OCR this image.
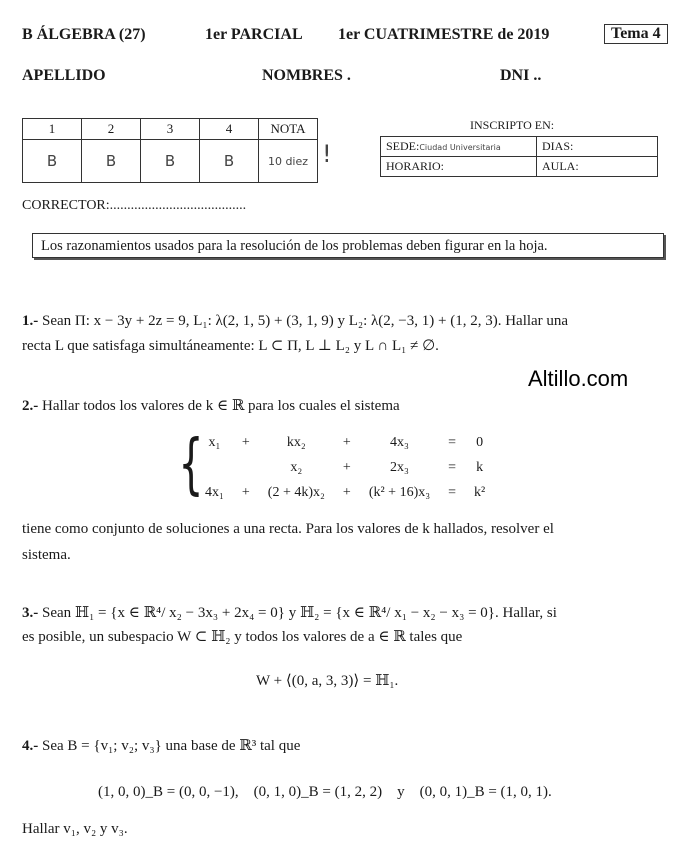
B ÁLGEBRA (27)	1er PARCIAL 1er CUATRIMESTRE de 2019	Tema 4
APELLIDO	NOMBRES .	DNI ..
1	2	3	4	NOTA
B	B	B	B	10 diez !
INSCRIPTO EN:
SEDE:Ciudad Universitaria	DIAS:
HORARIO:	AULA:
CORRECTOR:.......................................
Los razonamientos usados para la resolución de los problemas deben figurar en la hoja.
1.- Sean Π: x − 3y + 2z = 9, L₁: λ(2, 1, 5) + (3, 1, 9) y L₂: λ(2, −3, 1) + (1, 2, 3). Hallar una
recta L que satisfaga simultáneamente: L ⊂ Π, L ⊥ L₂ y L ∩ L₁ ≠ ∅.
Altillo.com
2.- Hallar todos los valores de k ∈ ℝ para los cuales el sistema
{ x₁	+	kx₂	+	4x₃	=	0
		x₂	+	2x₃	=	k
4x₁	+	(2 + 4k)x₂	+	(k² + 16)x₃	=	k²
tiene como conjunto de soluciones a una recta. Para los valores de k hallados, resolver el
sistema.
3.- Sean ℍ₁ = {x ∈ ℝ⁴/ x₂ − 3x₃ + 2x₄ = 0} y ℍ₂ = {x ∈ ℝ⁴/ x₁ − x₂ − x₃ = 0}. Hallar, si
es posible, un subespacio W ⊂ ℍ₂ y todos los valores de a ∈ ℝ tales que
W + ⟨(0, a, 3, 3)⟩ = ℍ₁.
4.- Sea B = {v₁; v₂; v₃} una base de ℝ³ tal que
(1, 0, 0)_B = (0, 0, −1),    (0, 1, 0)_B = (1, 2, 2)    y    (0, 0, 1)_B = (1, 0, 1).
Hallar v₁, v₂ y v₃.
